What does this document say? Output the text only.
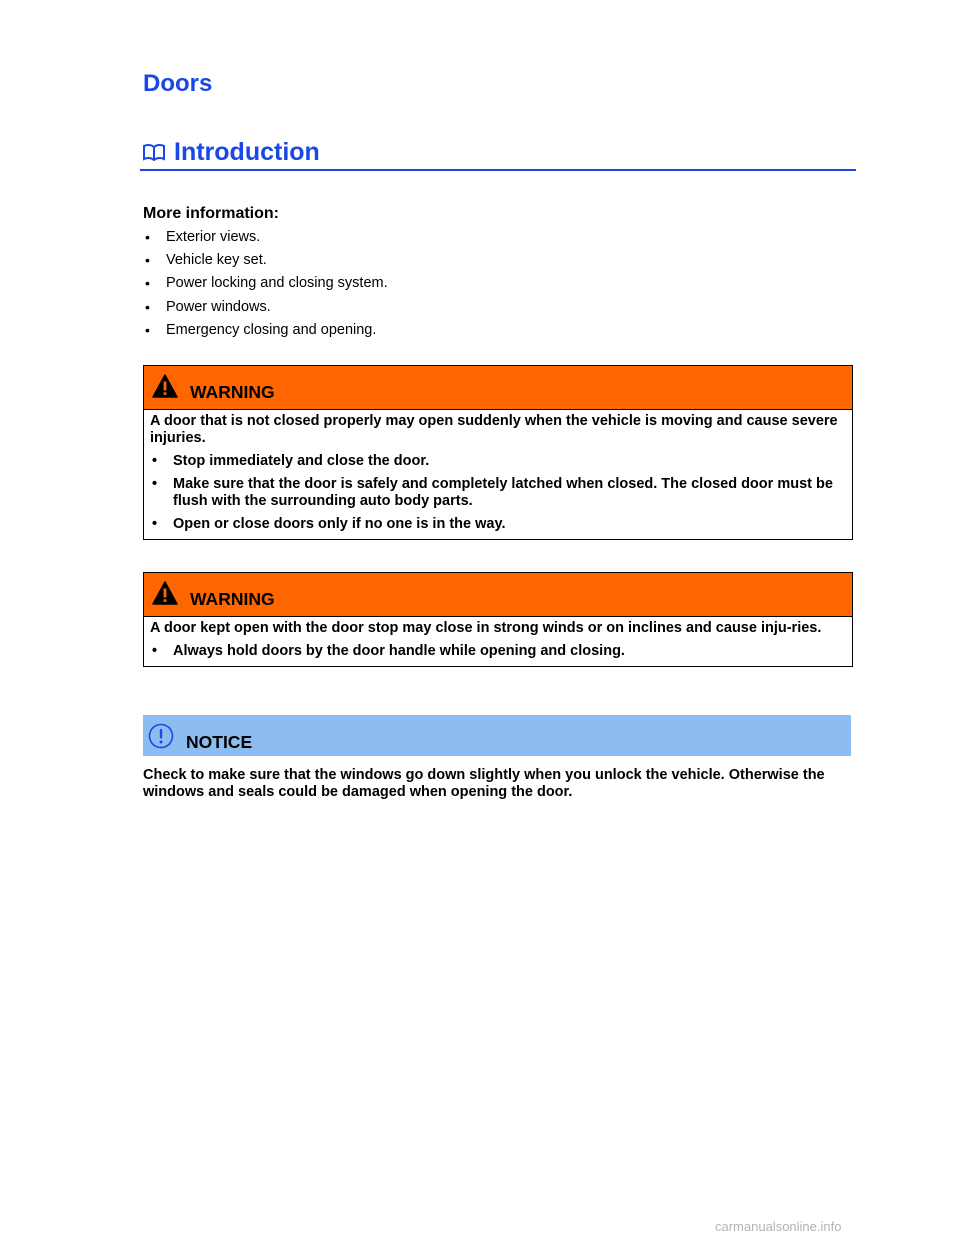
Doors
Introduction
More information:
• Exterior views.
• Vehicle key set.
• Power locking and closing system.
• Power windows.
• Emergency closing and opening.
WARNING

A door that is not closed properly may open suddenly when the vehicle is moving and cause severe injuries.

• Stop immediately and close the door.
• Make sure that the door is safely and completely latched when closed. The closed door must be flush with the surrounding auto body parts.
• Open or close doors only if no one is in the way.
WARNING

A door kept open with the door stop may close in strong winds or on inclines and cause inju-ries.

• Always hold doors by the door handle while opening and closing.
NOTICE
Check to make sure that the windows go down slightly when you unlock the vehicle. Otherwise the windows and seals could be damaged when opening the door.
carmanualsonline.info
